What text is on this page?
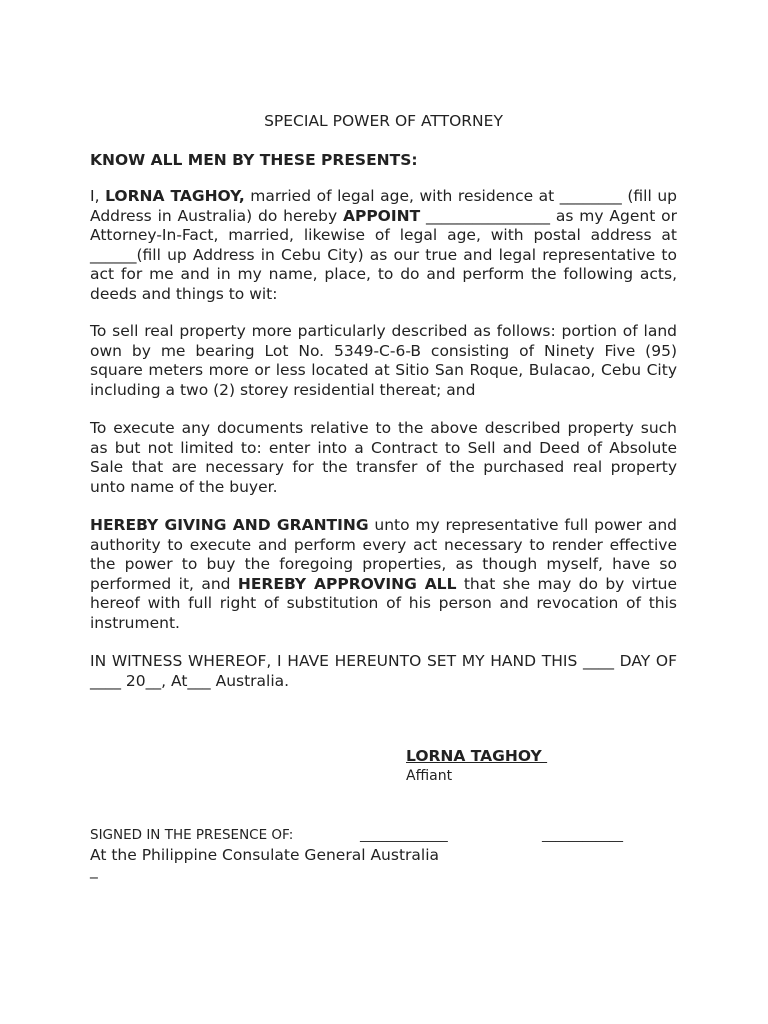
SPECIAL POWER OF ATTORNEY
KNOW ALL MEN BY THESE PRESENTS:

I, LORNA TAGHOY, married of legal age, with residence at ________ (fill up Address in Australia) do hereby APPOINT ________________ as my Agent or Attorney-In-Fact, married, likewise of legal age, with postal address at ______(fill up Address in Cebu City) as our true and legal representative to act for me and in my name, place, to do and perform the following acts, deeds and things to wit:

To sell real property more particularly described as follows: portion of land own by me bearing Lot No. 5349-C-6-B consisting of Ninety Five (95) square meters more or less located at Sitio San Roque, Bulacao, Cebu City including a two (2) storey residential thereat; and

To execute any documents relative to the above described property such as but not limited to: enter into a Contract to Sell and Deed of Absolute Sale that are necessary for the transfer of the purchased real property unto name of the buyer.

HEREBY GIVING AND GRANTING unto my representative full power and authority to execute and perform every act necessary to render effective the power to buy the foregoing properties, as though myself, have so performed it, and HEREBY APPROVING ALL that she may do by virtue hereof with full right of substitution of his person and revocation of this instrument.

IN WITNESS WHEREOF, I HAVE HEREUNTO SET MY HAND THIS ____ DAY OF ____ 20__, At___ Australia.

LORNA TAGHOY
Affiant
SIGNED IN THE PRESENCE OF:	_____________	____________
At the Philippine Consulate General Australia
_
